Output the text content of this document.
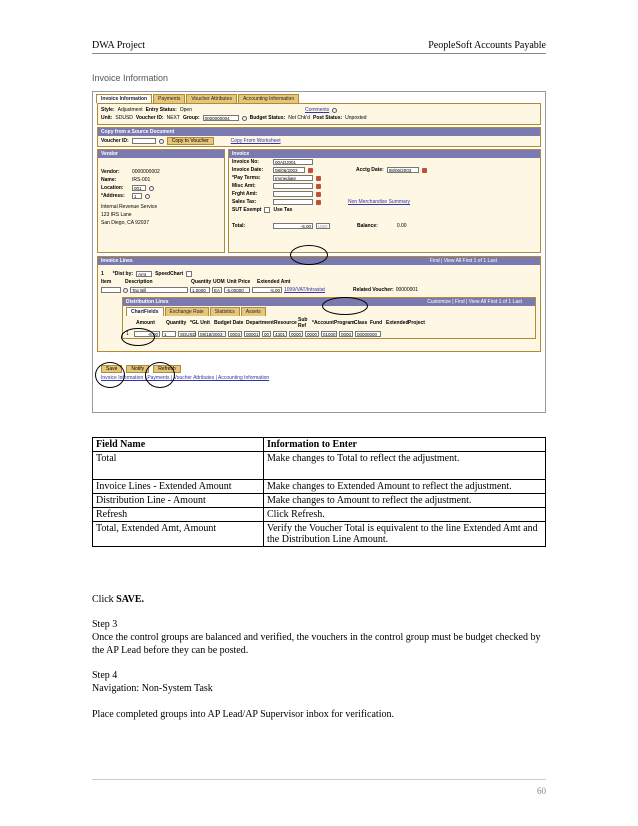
DWA Project	PeopleSoft Accounts Payable
Invoice Information
Invoice Information	Payments	Voucher Attributes	Accounting Information
Style: Adjustment Entry Status: Open	Comments
Unit: SDUSD Voucher ID: NEXT Group:	0000000004	Budget Status: Not Chk'd Post Status: Unposted
Copy from a Source Document
Voucher ID:	Copy to Voucher	Copy From Worksheet
Vendor
Vendor:	0000000002
Name:	IRS-001
Location:	001
*Address:	1
Internal Revenue Service
123 IRS Lane
San Diego, CA 92037
Invoice
Invoice No:	00ADJ001
Invoice Date:	08/06/2003	Acctg Date:	08/06/2003
*Pay Terms:	Immediate
Misc Amt:
Frght Amt:
Sales Tax:	Non Merchandise Summary
SUT Exempt Use Tax
Total:	-5.00	USD	Balance:	0.00
Invoice Lines	Find | View All First 1 of 1 Last
1 *Dist by:	Amt	SpeedChart
Item	Description	Quantity UOM Unit Price	Extended Amt
Tax Bill	1.0000	EA	-5.00000	-5.00 1099/VAT/Intrastat	Related Voucher: 00000001
Distribution Lines	Customize | Find | View All First 1 of 1 Last
ChartFields	Exchange Rate	Statistics	Assets
Amount	Quantity *GL Unit Budget Date Department Resource Sub Ref	*Account Program Class Fund Extended Project
1	-5.00	1	SDUSD 08/18/2003	0003	00001	00	4301	0000	0000	01000	0000	00000000
Save	Notify	Refresh
Invoice Information | Payments | Voucher Attributes | Accounting Information
Field Name	Information to Enter
Total	Make changes to Total to reflect the adjustment.
Invoice Lines - Extended Amount	Make changes to Extended Amount to reflect the adjustment.
Distribution Line - Amount	Make changes to Amount to reflect the adjustment.
Refresh	Click Refresh.
Total, Extended Amt, Amount	Verify the Voucher Total is equivalent to the line Extended Amt and the Distribution Line Amount.
Click SAVE.
Step 3
Once the control groups are balanced and verified, the vouchers in the control group must be budget checked by the AP Lead before they can be posted.
Step 4
Navigation: Non-System Task
Place completed groups into AP Lead/AP Supervisor inbox for verification.
60
